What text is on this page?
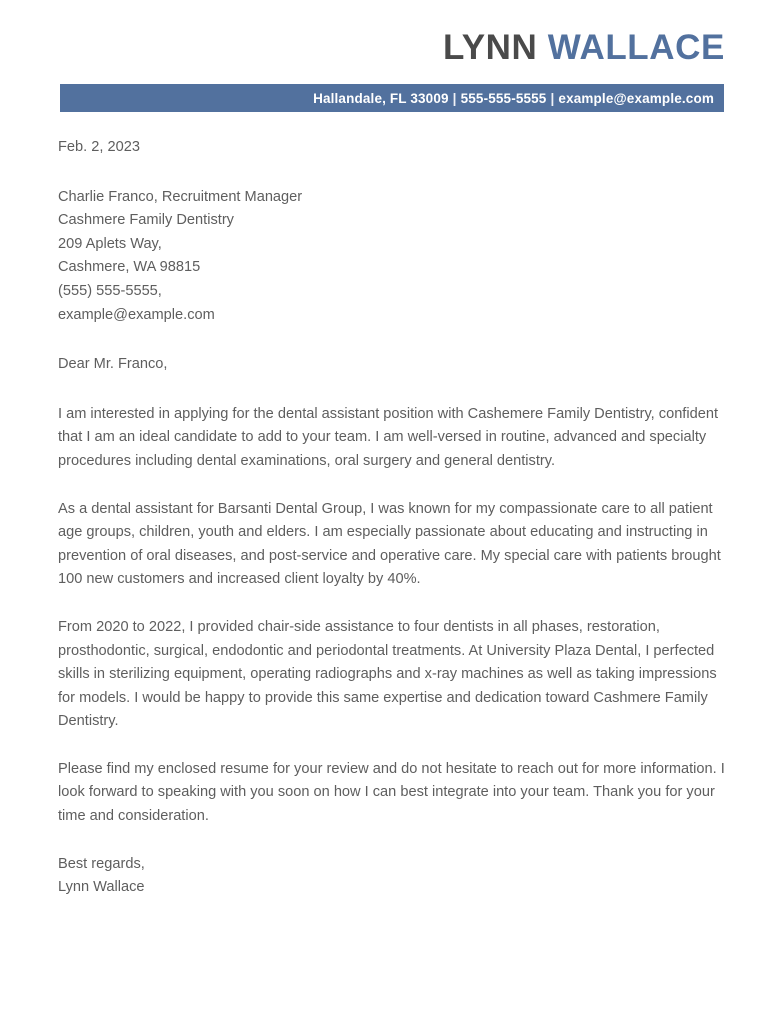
LYNN WALLACE
Hallandale, FL 33009 | 555-555-5555 | example@example.com
Feb. 2, 2023
Charlie Franco, Recruitment Manager
Cashmere Family Dentistry
209 Aplets Way,
Cashmere, WA 98815
(555) 555-5555,
example@example.com
Dear Mr. Franco,

I am interested in applying for the dental assistant position with Cashemere Family Dentistry, confident that I am an ideal candidate to add to your team. I am well-versed in routine, advanced and specialty procedures including dental examinations, oral surgery and general dentistry.

As a dental assistant for Barsanti Dental Group, I was known for my compassionate care to all patient age groups, children, youth and elders. I am especially passionate about educating and instructing in prevention of oral diseases, and post-service and operative care. My special care with patients brought 100 new customers and increased client loyalty by 40%.

From 2020 to 2022, I provided chair-side assistance to four dentists in all phases, restoration, prosthodontic, surgical, endodontic and periodontal treatments. At University Plaza Dental, I perfected skills in sterilizing equipment, operating radiographs and x-ray machines as well as taking impressions for models. I would be happy to provide this same expertise and dedication toward Cashmere Family Dentistry.

Please find my enclosed resume for your review and do not hesitate to reach out for more information. I look forward to speaking with you soon on how I can best integrate into your team. Thank you for your time and consideration.

Best regards,
Lynn Wallace
